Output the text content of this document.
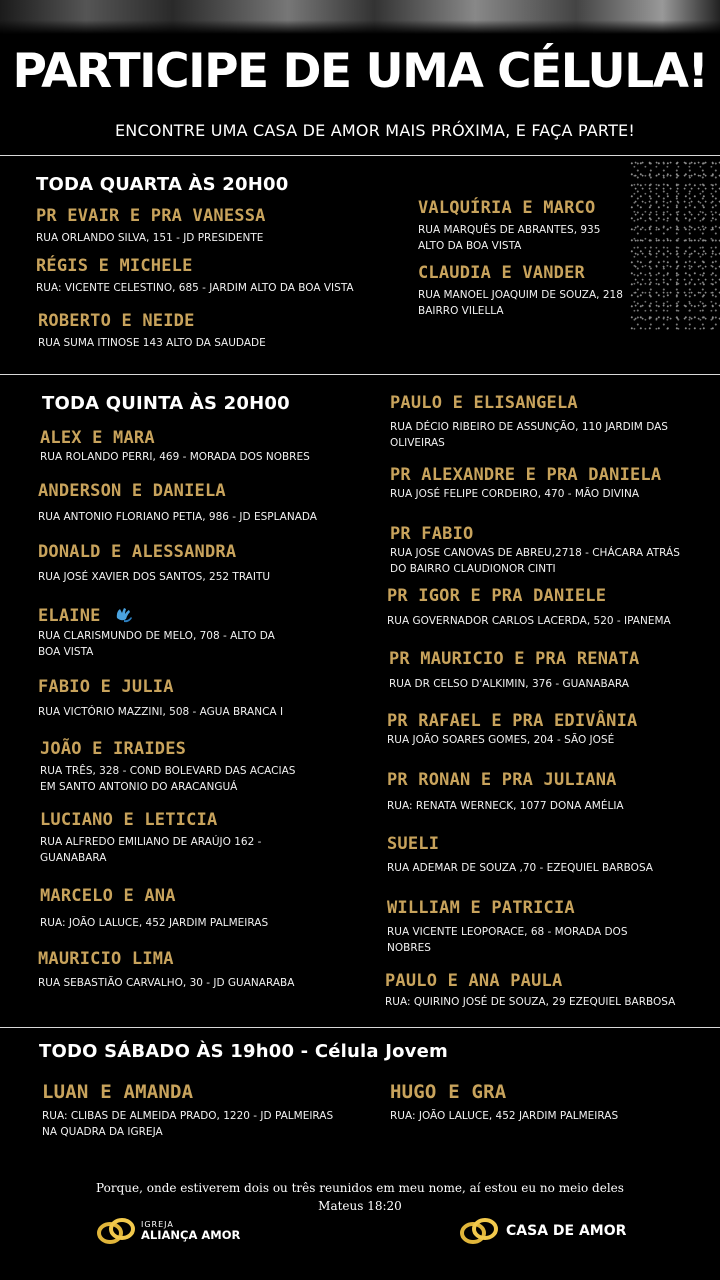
PARTICIPE DE UMA CÉLULA!
ENCONTRE UMA CASA DE AMOR MAIS PRÓXIMA, E FAÇA PARTE!
TODA QUARTA ÀS 20H00
PR EVAIR E PRA VANESSA
RUA ORLANDO SILVA, 151 - JD PRESIDENTE
RÉGIS E MICHELE
RUA: VICENTE CELESTINO, 685 - JARDIM ALTO DA BOA VISTA
ROBERTO E NEIDE
RUA SUMA ITINOSE 143 ALTO DA SAUDADE
VALQUÍRIA E MARCO
RUA MARQUÊS DE ABRANTES, 935
ALTO DA BOA VISTA
CLAUDIA E VANDER
RUA MANOEL JOAQUIM DE SOUZA, 218
BAIRRO VILELLA
TODA QUINTA ÀS 20H00
ALEX E MARA
RUA ROLANDO PERRI, 469 - MORADA DOS NOBRES
ANDERSON E DANIELA
RUA ANTONIO FLORIANO PETIA, 986 - JD ESPLANADA
DONALD E ALESSANDRA
RUA JOSÉ XAVIER DOS SANTOS, 252 TRAITU
ELAINE
RUA CLARISMUNDO DE MELO, 708 - ALTO DA
BOA VISTA
FABIO E JULIA
RUA VICTÓRIO MAZZINI, 508 - AGUA BRANCA I
JOÃO E IRAIDES
RUA TRÊS, 328 - COND BOLEVARD DAS ACACIAS
EM SANTO ANTONIO DO ARACANGUÁ
LUCIANO E LETICIA
RUA ALFREDO EMILIANO DE ARAÚJO 162 -
GUANABARA
MARCELO E ANA
RUA: JOÃO LALUCE, 452 JARDIM PALMEIRAS
MAURICIO LIMA
RUA SEBASTIÃO CARVALHO, 30 - JD GUANARABA
PAULO E ELISANGELA
RUA DÉCIO RIBEIRO DE ASSUNÇÃO, 110 JARDIM DAS
OLIVEIRAS
PR ALEXANDRE E PRA DANIELA
RUA JOSÉ FELIPE CORDEIRO, 470 - MÃO DIVINA
PR FABIO
RUA JOSE CANOVAS DE ABREU,2718 - CHÁCARA ATRÁS
DO BAIRRO CLAUDIONOR CINTI
PR IGOR E PRA DANIELE
RUA GOVERNADOR CARLOS LACERDA, 520 - IPANEMA
PR MAURICIO E PRA RENATA
RUA DR CELSO D'ALKIMIN, 376 - GUANABARA
PR RAFAEL E PRA EDIVÂNIA
RUA JOÃO SOARES GOMES, 204 - SÃO JOSÉ
PR RONAN E PRA JULIANA
RUA: RENATA WERNECK, 1077 DONA AMÉLIA
SUELI
RUA ADEMAR DE SOUZA ,70 - EZEQUIEL BARBOSA
WILLIAM E PATRICIA
RUA VICENTE LEOPORACE, 68 - MORADA DOS
NOBRES
PAULO E ANA PAULA
RUA: QUIRINO JOSÉ DE SOUZA, 29 EZEQUIEL BARBOSA
TODO SÁBADO ÀS 19h00 - Célula Jovem
LUAN E AMANDA
RUA: CLIBAS DE ALMEIDA PRADO, 1220 - JD PALMEIRAS
NA QUADRA DA IGREJA
HUGO E GRA
RUA: JOÃO LALUCE, 452 JARDIM PALMEIRAS
Porque, onde estiverem dois ou três reunidos em meu nome, aí estou eu no meio deles
Mateus 18:20
IGREJA
ALIANÇA AMOR	CASA DE AMOR
